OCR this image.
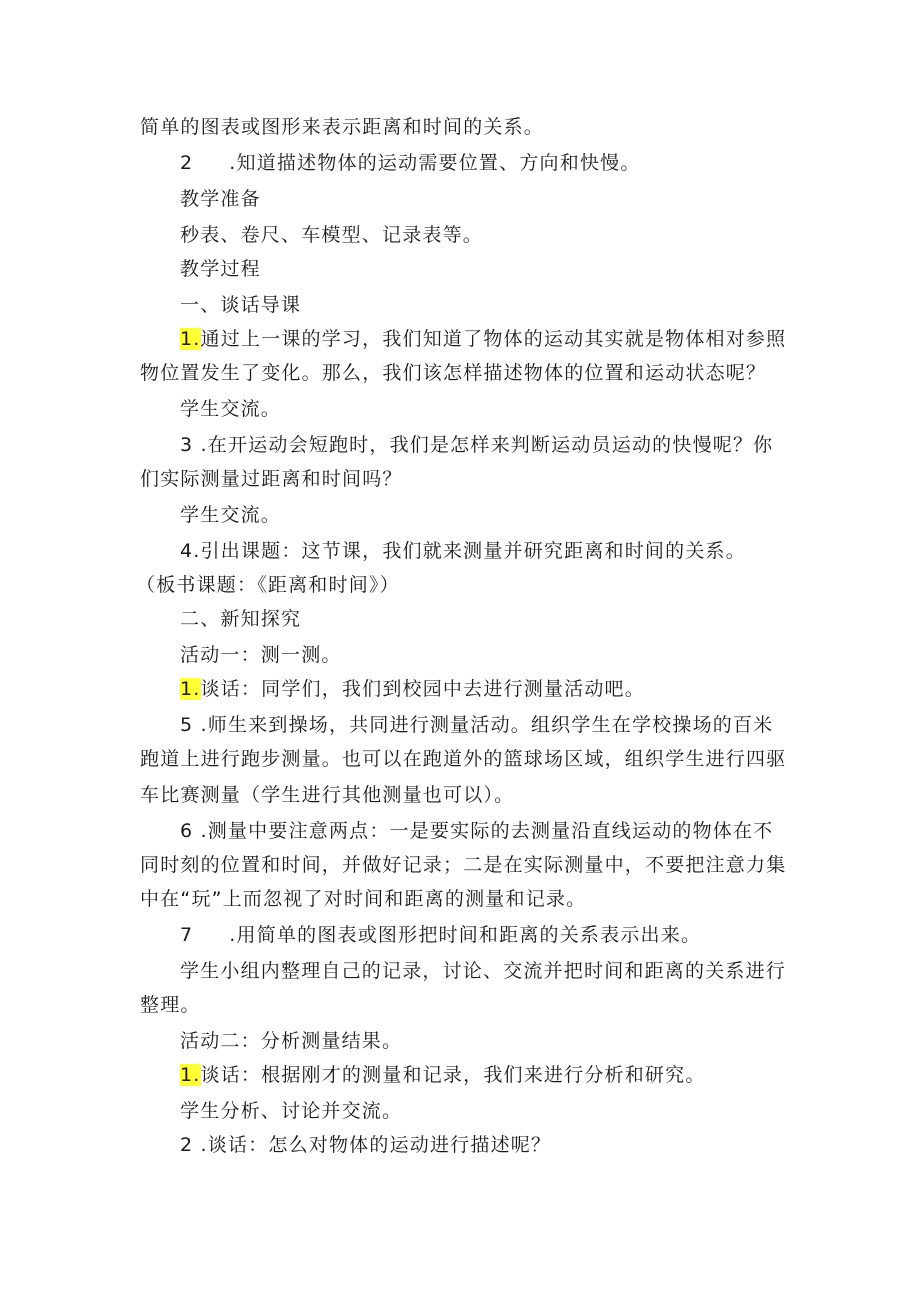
简单的图表或图形来表示距离和时间的关系。
2 .知道描述物体的运动需要位置、方向和快慢。
教学准备
秒表、卷尺、车模型、记录表等。
教学过程
一、谈话导课
1.通过上一课的学习，我们知道了物体的运动其实就是物体相对参照
物位置发生了变化。那么，我们该怎样描述物体的位置和运动状态呢？
学生交流。
3 .在开运动会短跑时，我们是怎样来判断运动员运动的快慢呢？你
们实际测量过距离和时间吗？
学生交流。
4.引出课题：这节课，我们就来测量并研究距离和时间的关系。
（板书课题：《距离和时间》）
二、新知探究
活动一：测一测。
1.谈话：同学们，我们到校园中去进行测量活动吧。
5 .师生来到操场，共同进行测量活动。组织学生在学校操场的百米
跑道上进行跑步测量。也可以在跑道外的篮球场区域，组织学生进行四驱
车比赛测量（学生进行其他测量也可以）。
6 .测量中要注意两点：一是要实际的去测量沿直线运动的物体在不
同时刻的位置和时间，并做好记录；二是在实际测量中，不要把注意力集
中在“玩”上而忽视了对时间和距离的测量和记录。
7 .用简单的图表或图形把时间和距离的关系表示出来。
学生小组内整理自己的记录，讨论、交流并把时间和距离的关系进行
整理。
活动二：分析测量结果。
1.谈话：根据刚才的测量和记录，我们来进行分析和研究。
学生分析、讨论并交流。
2 .谈话：怎么对物体的运动进行描述呢？
